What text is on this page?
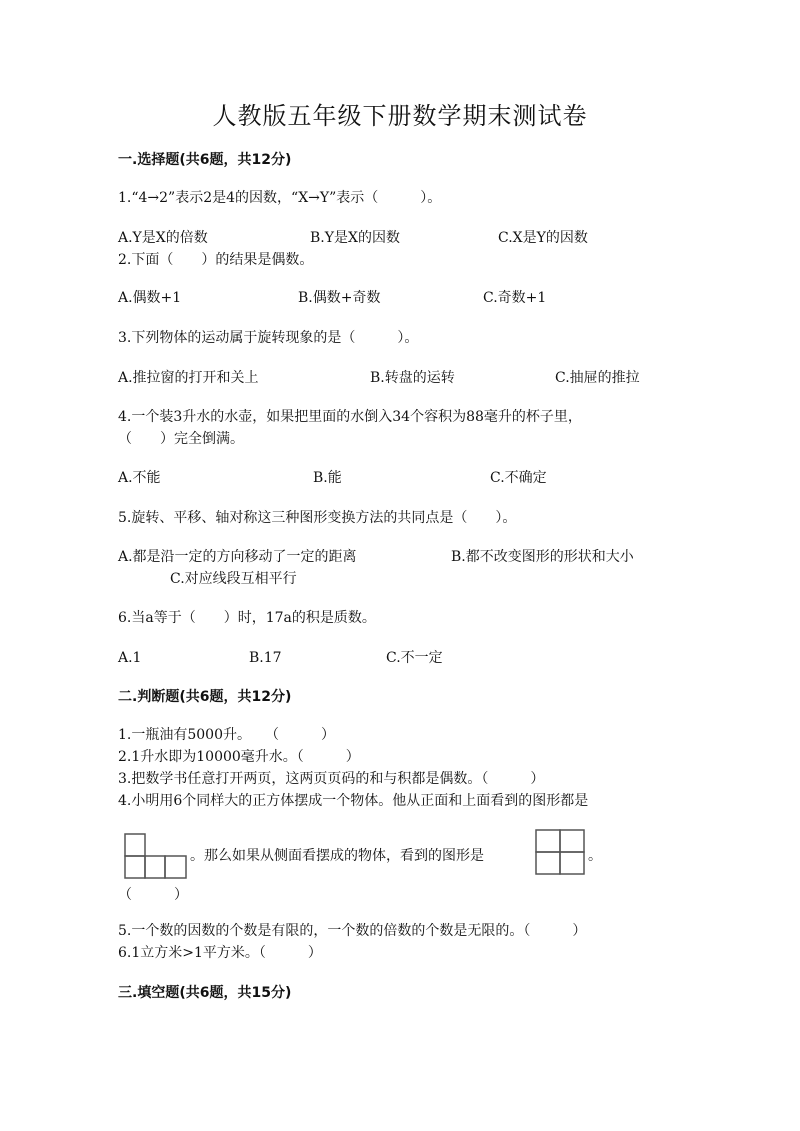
人教版五年级下册数学期末测试卷
一.选择题(共6题，共12分)
1.“4→2”表示2是4的因数，“X→Y”表示（　　　）。
A.Y是X的倍数	B.Y是X的因数	C.X是Y的因数
2.下面（　　）的结果是偶数。
A.偶数+1	B.偶数+奇数	C.奇数+1
3.下列物体的运动属于旋转现象的是（　　　）。
A.推拉窗的打开和关上	B.转盘的运转	C.抽屉的推拉
4.一个装3升水的水壶，如果把里面的水倒入34个容积为88毫升的杯子里，
（　　）完全倒满。
A.不能	B.能	C.不确定
5.旋转、平移、轴对称这三种图形变换方法的共同点是（　　）。
A.都是沿一定的方向移动了一定的距离	B.都不改变图形的形状和大小
C.对应线段互相平行
6.当a等于（　　）时，17a的积是质数。
A.1	B.17	C.不一定
二.判断题(共6题，共12分)
1.一瓶油有5000升。　　（　　　）
2.1升水即为10000毫升水。（　　　）
3.把数学书任意打开两页，这两页页码的和与积都是偶数。（　　　）
4.小明用6个同样大的正方体摆成一个物体。他从正面和上面看到的图形都是
。那么如果从侧面看摆成的物体，看到的图形是	。
（　　　）
5.一个数的因数的个数是有限的，一个数的倍数的个数是无限的。（　　　）
6.1立方米>1平方米。（　　　）
三.填空题(共6题，共15分)
